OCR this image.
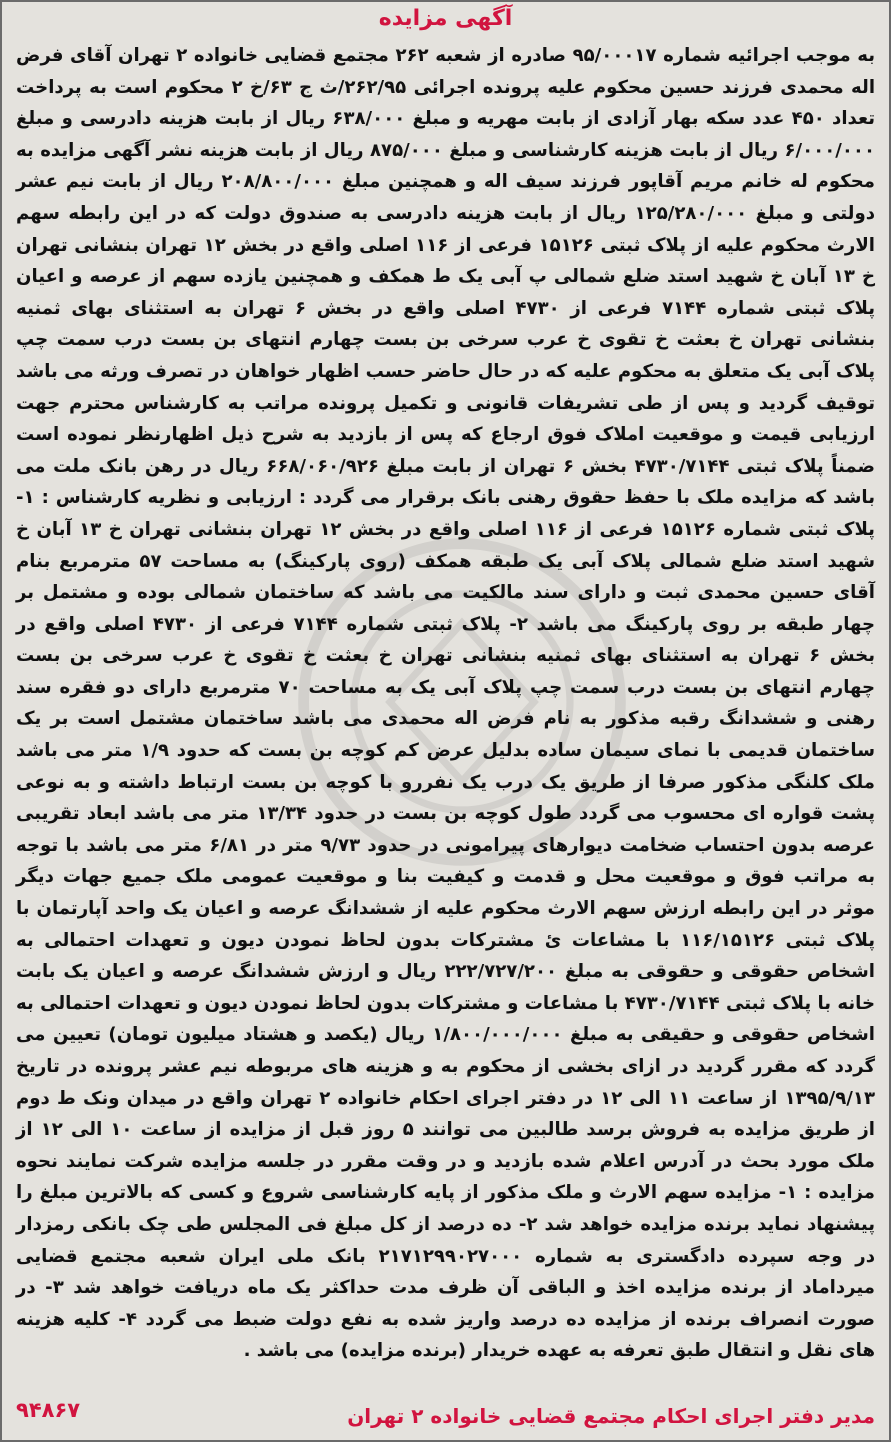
آگهی مزایده
به موجب اجرائیه شماره ۹۵/۰۰۰۱۷ صادره از شعبه ۲۶۲ مجتمع قضایی خانواده ۲ تهران آقای فرض اله محمدی فرزند حسین محکوم علیه پرونده اجرائی ۲۶۲/۹۵/ث ج ۶۳/خ ۲ محکوم است به پرداخت تعداد ۴۵۰ عدد سکه بهار آزادی از بابت مهریه و مبلغ ۶۳۸/۰۰۰ ریال از بابت هزینه دادرسی و مبلغ ۶/۰۰۰/۰۰۰ ریال از بابت هزینه کارشناسی و مبلغ ۸۷۵/۰۰۰ ریال از بابت هزینه نشر آگهی مزایده به محکوم له خانم مریم آقاپور فرزند سیف اله و همچنین مبلغ ۲۰۸/۸۰۰/۰۰۰ ریال از بابت نیم عشر دولتی و مبلغ ۱۲۵/۲۸۰/۰۰۰ ریال از بابت هزینه دادرسی به صندوق دولت که در این رابطه سهم الارث محکوم علیه از پلاک ثبتی ۱۵۱۲۶ فرعی از ۱۱۶ اصلی واقع در بخش ۱۲ تهران بنشانی تهران خ ۱۳ آبان خ شهید استد ضلع شمالی پ آبی یک ط همکف و همچنین یازده سهم از عرصه و اعیان پلاک ثبتی شماره ۷۱۴۴ فرعی از ۴۷۳۰ اصلی واقع در بخش ۶ تهران به استثنای بهای ثمنیه بنشانی تهران خ بعثت خ تقوی خ عرب سرخی بن بست چهارم انتهای بن بست درب سمت چپ پلاک آبی یک متعلق به محکوم علیه که در حال حاضر حسب اظهار خواهان در تصرف ورثه می باشد توقیف گردید و پس از طی تشریفات قانونی و تکمیل پرونده مراتب به کارشناس محترم جهت ارزیابی قیمت و موقعیت املاک فوق ارجاع که پس از بازدید به شرح ذیل اظهارنظر نموده است ضمناً پلاک ثبتی ۴۷۳۰/۷۱۴۴ بخش ۶ تهران از بابت مبلغ ۶۶۸/۰۶۰/۹۲۶ ریال در رهن بانک ملت می باشد که مزایده ملک با حفظ حقوق رهنی بانک برقرار می گردد : ارزیابی و نظریه کارشناس : ۱- پلاک ثبتی شماره ۱۵۱۲۶ فرعی از ۱۱۶ اصلی واقع در بخش ۱۲ تهران بنشانی تهران خ ۱۳ آبان خ شهید استد ضلع شمالی پلاک آبی یک طبقه همکف (روی پارکینگ) به مساحت ۵۷ مترمربع بنام آقای حسین محمدی ثبت و دارای سند مالکیت می باشد که ساختمان شمالی بوده و مشتمل بر چهار طبقه بر روی پارکینگ می باشد ۲- پلاک ثبتی شماره ۷۱۴۴ فرعی از ۴۷۳۰ اصلی واقع در بخش ۶ تهران به استثنای بهای ثمنیه بنشانی تهران خ بعثت خ تقوی خ عرب سرخی بن بست چهارم انتهای بن بست درب سمت چپ پلاک آبی یک به مساحت ۷۰ مترمربع دارای دو فقره سند رهنی و ششدانگ رقبه مذکور به نام فرض اله محمدی می باشد ساختمان مشتمل است بر یک ساختمان قدیمی با نمای سیمان ساده بدلیل عرض کم کوچه بن بست که حدود ۱/۹ متر می باشد ملک کلنگی مذکور صرفا از طریق یک درب یک نفررو با کوچه بن بست ارتباط داشته و به نوعی پشت قواره ای محسوب می گردد طول کوچه بن بست در حدود ۱۳/۳۴ متر می باشد ابعاد تقریبی عرصه بدون احتساب ضخامت دیوارهای پیرامونی در حدود ۹/۷۳ متر در ۶/۸۱ متر می باشد با توجه به مراتب فوق و موقعیت محل و قدمت و کیفیت بنا و موقعیت عمومی ملک جمیع جهات دیگر موثر در این رابطه ارزش سهم الارث محکوم علیه از ششدانگ عرصه و اعیان یک واحد آپارتمان با پلاک ثبتی ۱۱۶/۱۵۱۲۶ با مشاعات ئ مشترکات بدون لحاظ نمودن دیون و تعهدات احتمالی به اشخاص حقوقی و حقوقی به مبلغ ۲۲۲/۷۲۷/۲۰۰ ریال و ارزش ششدانگ عرصه و اعیان یک بابت خانه با پلاک ثبتی ۴۷۳۰/۷۱۴۴ با مشاعات و مشترکات بدون لحاظ نمودن دیون و تعهدات احتمالی به اشخاص حقوقی و حقیقی به مبلغ ۱/۸۰۰/۰۰۰/۰۰۰ ریال (یکصد و هشتاد میلیون تومان) تعیین می گردد که مقرر گردید در ازای بخشی از محکوم به و هزینه های مربوطه نیم عشر پرونده در تاریخ ۱۳۹۵/۹/۱۳ از ساعت ۱۱ الی ۱۲ در دفتر اجرای احکام خانواده ۲ تهران واقع در میدان ونک ط دوم از طریق مزایده به فروش برسد طالبین می توانند ۵ روز قبل از مزایده از ساعت ۱۰ الی ۱۲ از ملک مورد بحث در آدرس اعلام شده بازدید و در وقت مقرر در جلسه مزایده شرکت نمایند نحوه مزایده : ۱- مزایده سهم الارث و ملک مذکور از پایه کارشناسی شروع و کسی که بالاترین مبلغ را پیشنهاد نماید برنده مزایده خواهد شد ۲- ده درصد از کل مبلغ فی المجلس طی چک بانکی رمزدار در وجه سپرده دادگستری به شماره ۲۱۷۱۲۹۹۰۲۷۰۰۰ بانک ملی ایران شعبه مجتمع قضایی میرداماد از برنده مزایده اخذ و الباقی آن ظرف مدت حداکثر یک ماه دریافت خواهد شد ۳- در صورت انصراف برنده از مزایده ده درصد واریز شده به نفع دولت ضبط می گردد ۴- کلیه هزینه های نقل و انتقال طبق تعرفه به عهده خریدار (برنده مزایده) می باشد .
مدیر دفتر اجرای احکام مجتمع قضایی خانواده ۲ تهران
۹۴۸۶۷
